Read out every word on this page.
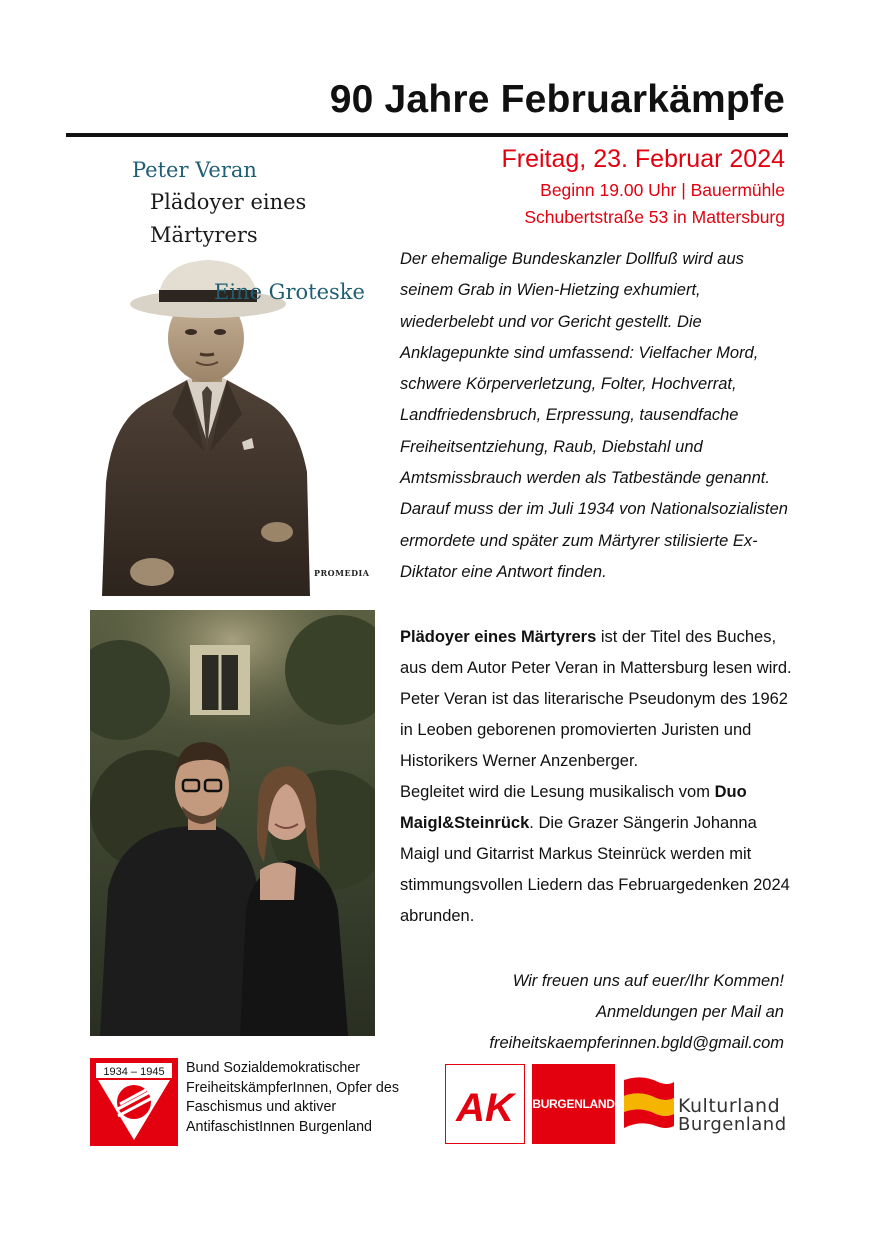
90 Jahre Februarkämpfe
Peter Veran
Plädoyer eines
Märtyrers
Eine Groteske
PROMEDIA
Freitag, 23. Februar 2024
Beginn 19.00 Uhr | Bauermühle
Schubertstraße 53 in Mattersburg
Der ehemalige Bundeskanzler Dollfuß wird aus seinem Grab in Wien-Hietzing exhumiert, wiederbelebt und vor Gericht gestellt. Die Anklagepunkte sind umfassend: Vielfacher Mord, schwere Körperverletzung, Folter, Hochverrat, Landfriedensbruch, Erpressung, tausendfache Freiheitsentziehung, Raub, Diebstahl und Amtsmissbrauch werden als Tatbestände genannt. Darauf muss der im Juli 1934 von Nationalsozialisten ermordete und später zum Märtyrer stilisierte Ex-Diktator eine Antwort finden.
Plädoyer eines Märtyrers ist der Titel des Buches, aus dem Autor Peter Veran in Mattersburg lesen wird. Peter Veran ist das literarische Pseudonym des 1962 in Leoben geborenen promovierten Juristen und Historikers Werner Anzenberger.
Begleitet wird die Lesung musikalisch vom Duo Maigl&Steinrück. Die Grazer Sängerin Johanna Maigl und Gitarrist Markus Steinrück werden mit stimmungsvollen Liedern das Februargedenken 2024 abrunden.
Wir freuen uns auf euer/Ihr Kommen!
Anmeldungen per Mail an
freiheitskaempferinnen.bgld@gmail.com
1934 – 1945 Bund Sozialdemokratischer
FreiheitskämpferInnen, Opfer des
Faschismus und aktiver
AntifaschistInnen Burgenland	AK BURGENLAND	Kulturland
Burgenland
